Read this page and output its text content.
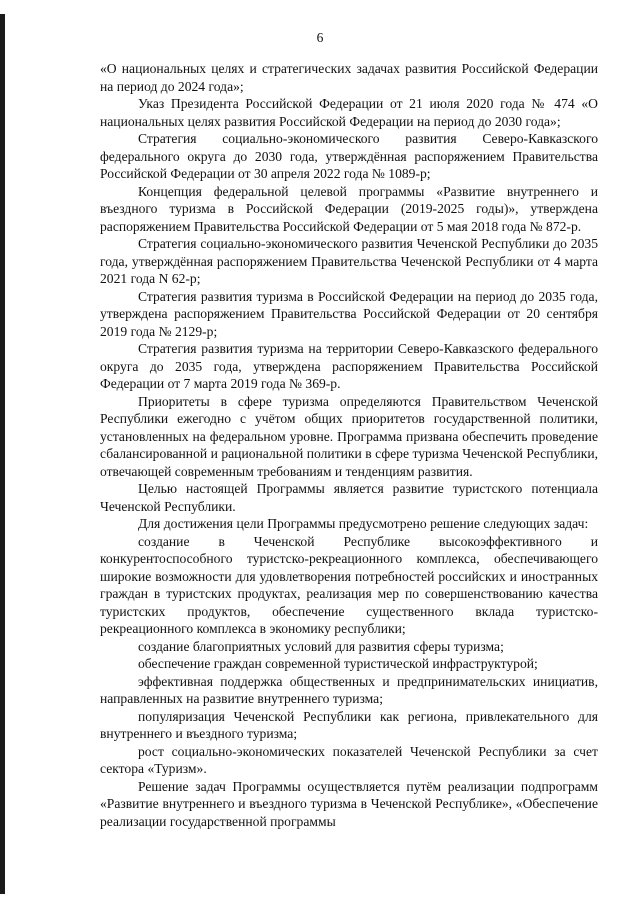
6

«О национальных целях и стратегических задачах развития Российской Федерации на период до 2024 года»;

Указ Президента Российской Федерации от 21 июля 2020 года № 474 «О национальных целях развития Российской Федерации на период до 2030 года»;

Стратегия социально-экономического развития Северо-Кавказского федерального округа до 2030 года, утверждённая распоряжением Правительства Российской Федерации от 30 апреля 2022 года № 1089-р;

Концепция федеральной целевой программы «Развитие внутреннего и въездного туризма в Российской Федерации (2019-2025 годы)», утверждена распоряжением Правительства Российской Федерации от 5 мая 2018 года № 872-р.

Стратегия социально-экономического развития Чеченской Республики до 2035 года, утверждённая распоряжением Правительства Чеченской Республики от 4 марта 2021 года N 62-р;

Стратегия развития туризма в Российской Федерации на период до 2035 года, утверждена распоряжением Правительства Российской Федерации от 20 сентября 2019 года № 2129-р;

Стратегия развития туризма на территории Северо-Кавказского федерального округа до 2035 года, утверждена распоряжением Правительства Российской Федерации от 7 марта 2019 года № 369-р.

Приоритеты в сфере туризма определяются Правительством Чеченской Республики ежегодно с учётом общих приоритетов государственной политики, установленных на федеральном уровне. Программа призвана обеспечить проведение сбалансированной и рациональной политики в сфере туризма Чеченской Республики, отвечающей современным требованиям и тенденциям развития.

Целью настоящей Программы является развитие туристского потенциала Чеченской Республики.

Для достижения цели Программы предусмотрено решение следующих задач:

создание в Чеченской Республике высокоэффективного и конкурентоспособного туристско-рекреационного комплекса, обеспечивающего широкие возможности для удовлетворения потребностей российских и иностранных граждан в туристских продуктах, реализация мер по совершенствованию качества туристских продуктов, обеспечение существенного вклада туристско-рекреационного комплекса в экономику республики;

создание благоприятных условий для развития сферы туризма;

обеспечение граждан современной туристической инфраструктурой;

эффективная поддержка общественных и предпринимательских инициатив, направленных на развитие внутреннего туризма;

популяризация Чеченской Республики как региона, привлекательного для внутреннего и въездного туризма;

рост социально-экономических показателей Чеченской Республики за счет сектора «Туризм».

Решение задач Программы осуществляется путём реализации подпрограмм «Развитие внутреннего и въездного туризма в Чеченской Республике», «Обеспечение реализации государственной программы
